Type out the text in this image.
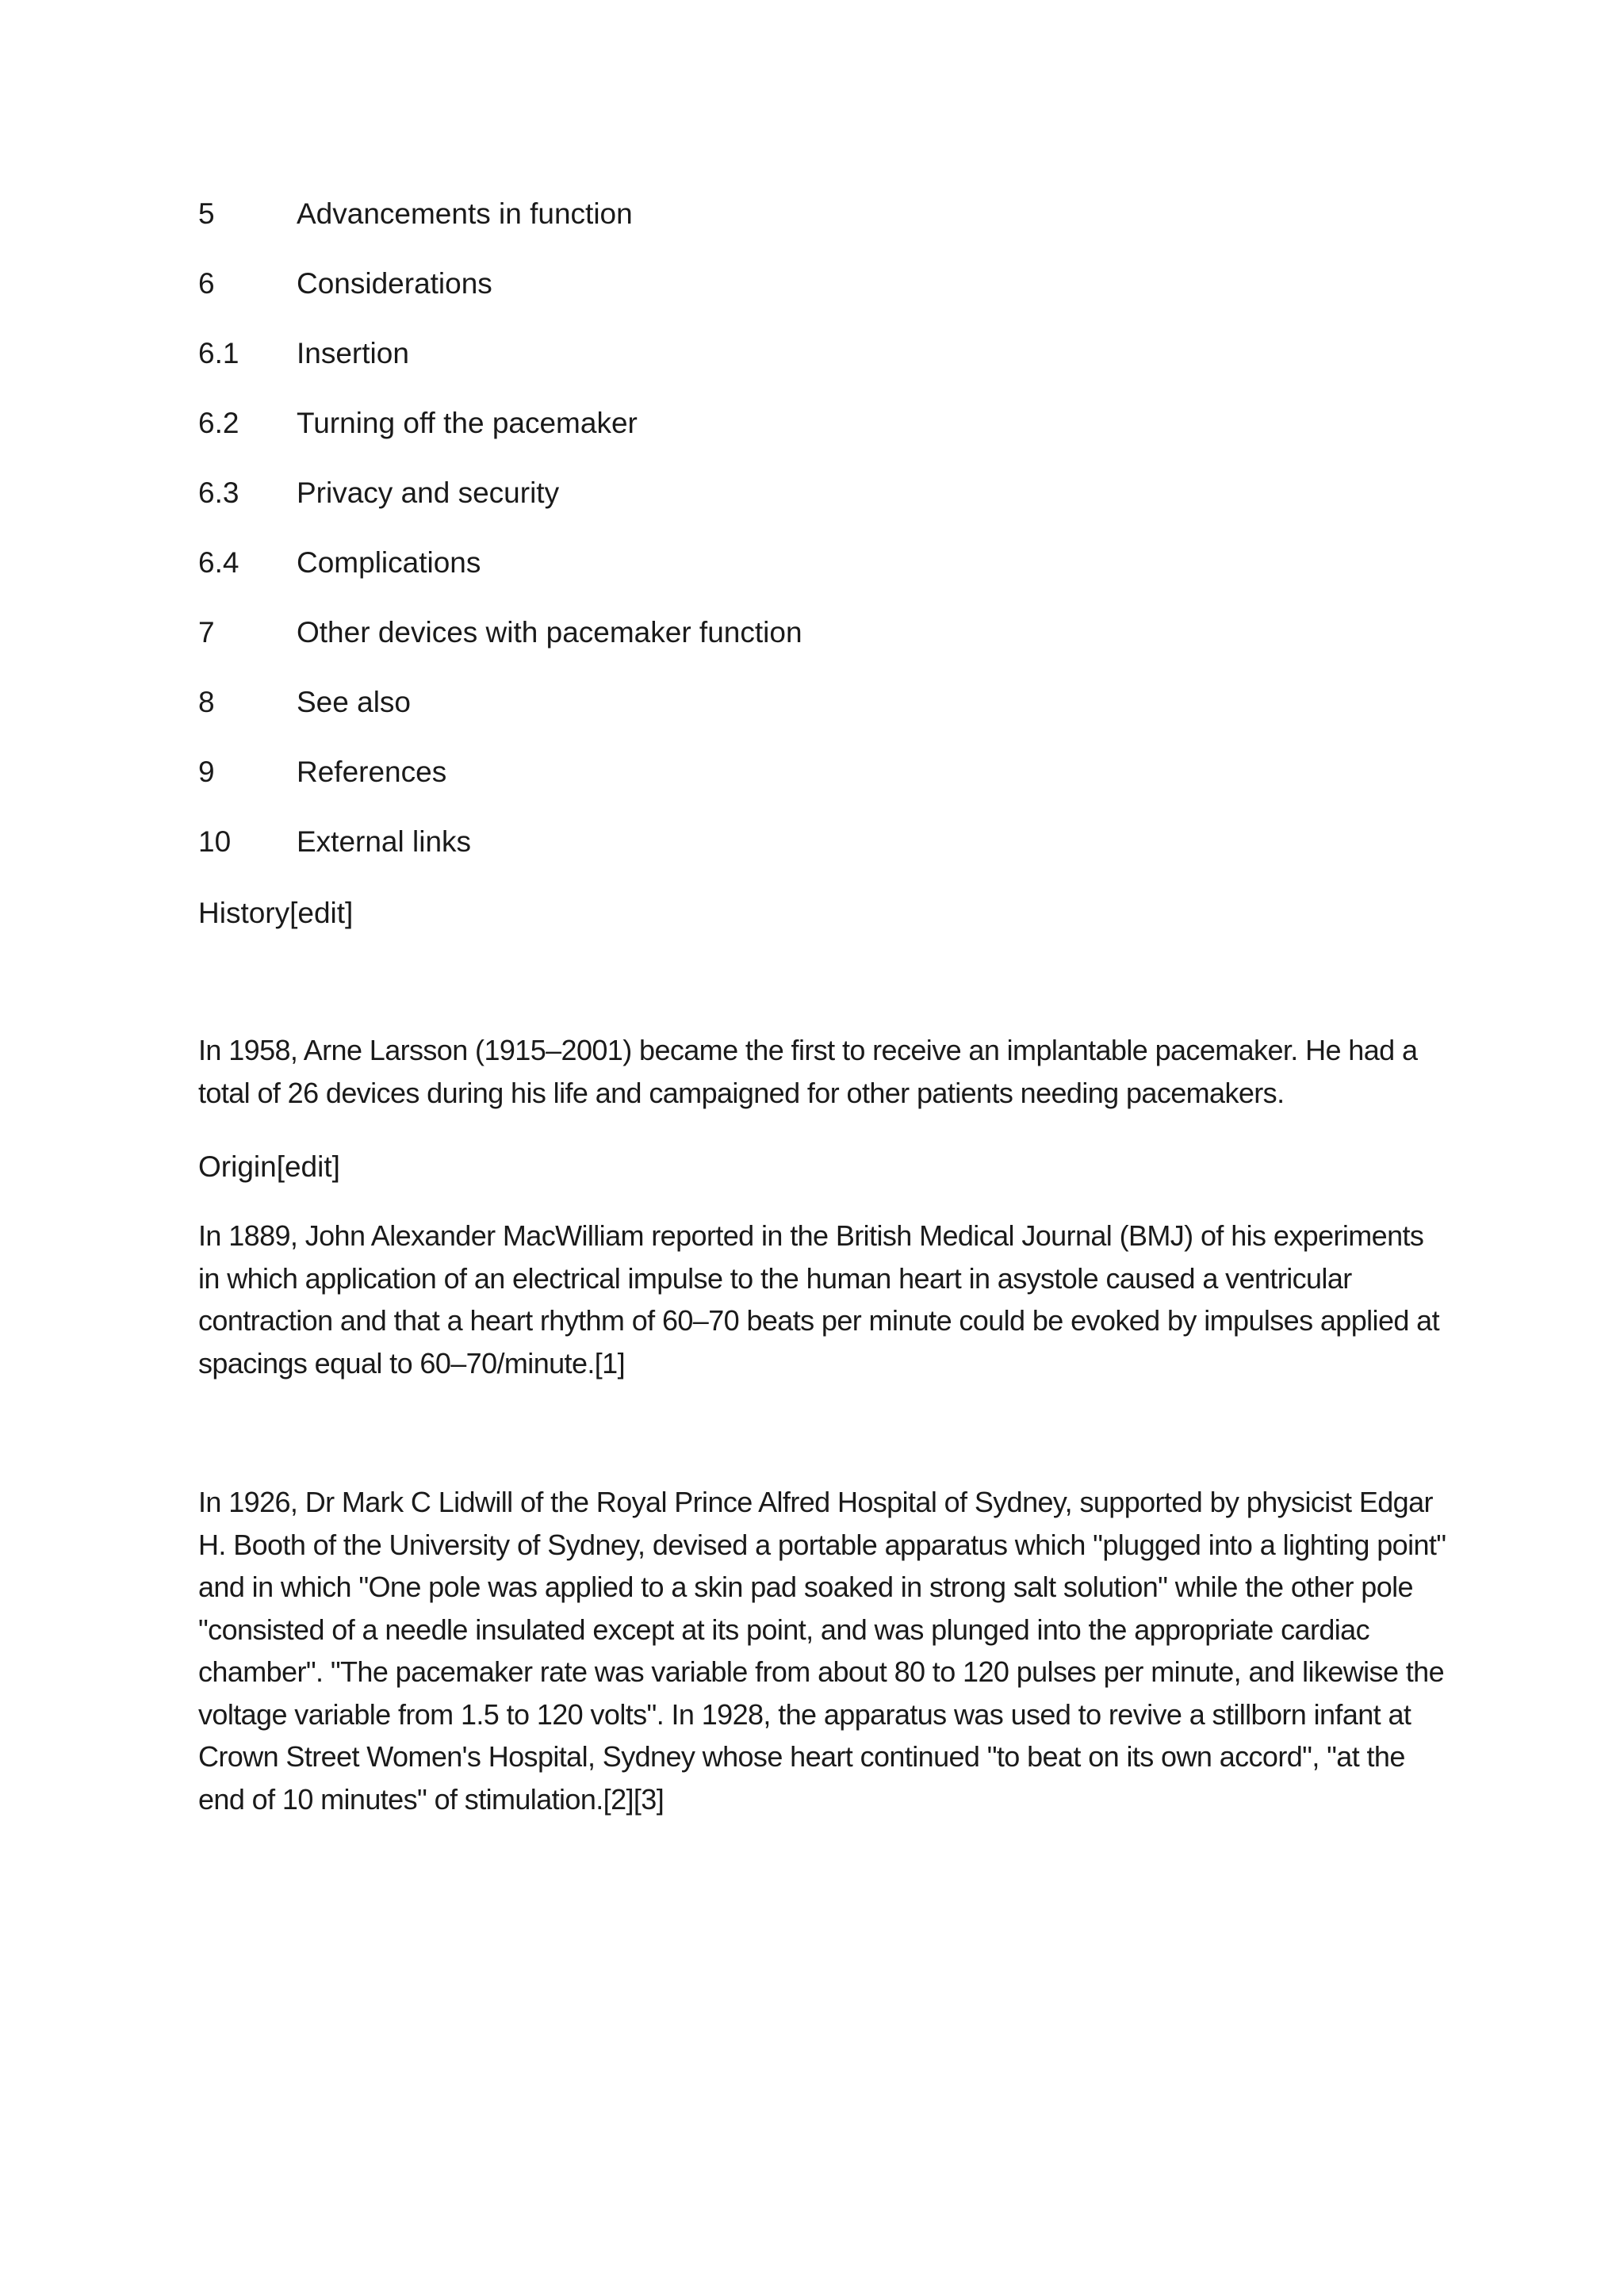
5	Advancements in function
6	Considerations
6.1 Insertion
6.2 Turning off the pacemaker
6.3 Privacy and security
6.4 Complications
7	Other devices with pacemaker function
8	See also
9	References
10 External links
History[edit]

In 1958, Arne Larsson (1915–2001) became the first to receive an implantable pacemaker. He had a total of 26 devices during his life and campaigned for other patients needing pacemakers.

Origin[edit]

In 1889, John Alexander MacWilliam reported in the British Medical Journal (BMJ) of his experiments in which application of an electrical impulse to the human heart in asystole caused a ventricular contraction and that a heart rhythm of 60–70 beats per minute could be evoked by impulses applied at spacings equal to 60–70/minute.[1]

In 1926, Dr Mark C Lidwill of the Royal Prince Alfred Hospital of Sydney, supported by physicist Edgar H. Booth of the University of Sydney, devised a portable apparatus which "plugged into a lighting point" and in which "One pole was applied to a skin pad soaked in strong salt solution" while the other pole "consisted of a needle insulated except at its point, and was plunged into the appropriate cardiac chamber". "The pacemaker rate was variable from about 80 to 120 pulses per minute, and likewise the voltage variable from 1.5 to 120 volts". In 1928, the apparatus was used to revive a stillborn infant at Crown Street Women's Hospital, Sydney whose heart continued "to beat on its own accord", "at the end of 10 minutes" of stimulation.[2][3]
